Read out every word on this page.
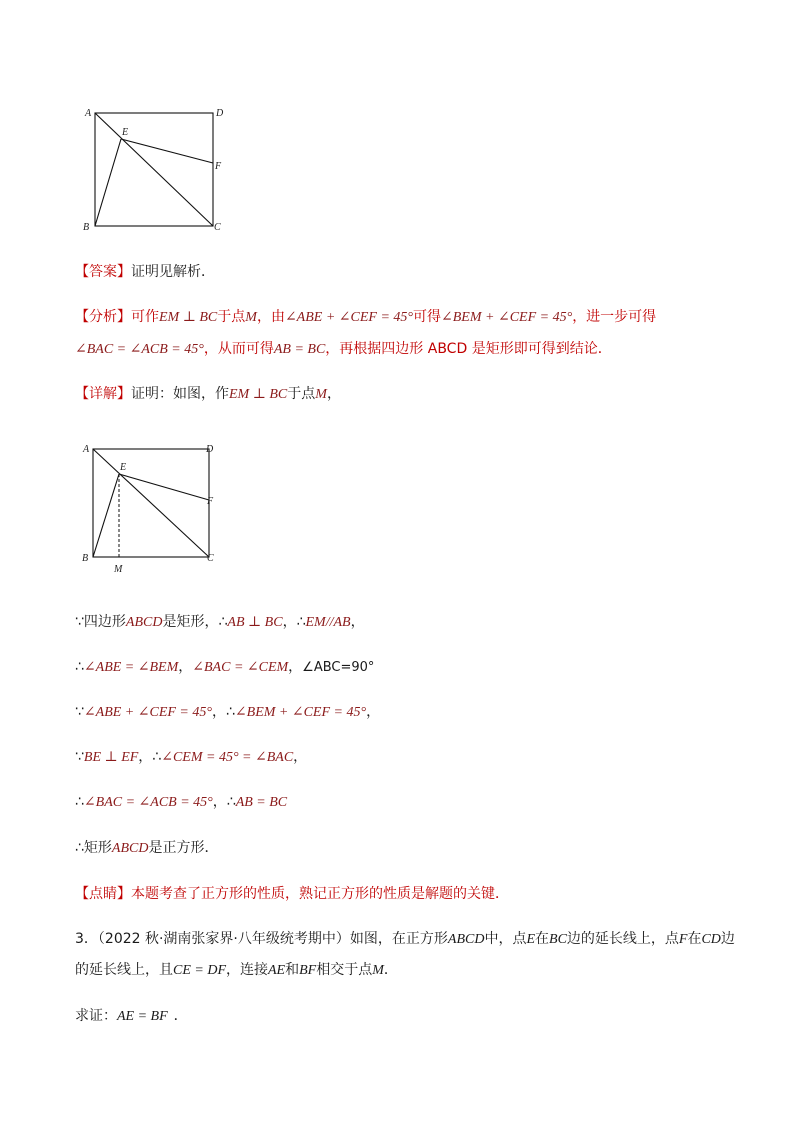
A	D
E
F
B	C
【答案】证明见解析．
【分析】可作EM ⊥ BC于点M，由∠ABE + ∠CEF = 45°可得∠BEM + ∠CEF = 45°，进一步可得
∠BAC = ∠ACB = 45°，从而可得AB = BC，再根据四边形 ABCD 是矩形即可得到结论．
【详解】证明：如图，作EM ⊥ BC于点M，
A	D
E
F
B	C
M
∵四边形ABCD是矩形，∴AB ⊥ BC，∴EM//AB，
∴∠ABE = ∠BEM，∠BAC = ∠CEM，∠ABC=90°
∵∠ABE + ∠CEF = 45°，∴∠BEM + ∠CEF = 45°，
∵BE ⊥ EF，∴∠CEM = 45° = ∠BAC，
∴∠BAC = ∠ACB = 45°，∴AB = BC
∴矩形ABCD是正方形．
【点睛】本题考查了正方形的性质，熟记正方形的性质是解题的关键．
3．（2022 秋·湖南张家界·八年级统考期中）如图，在正方形ABCD中，点E在BC边的延长线上，点F在CD边
的延长线上，且CE = DF，连接AE和BF相交于点M．
求证：AE = BF ．
